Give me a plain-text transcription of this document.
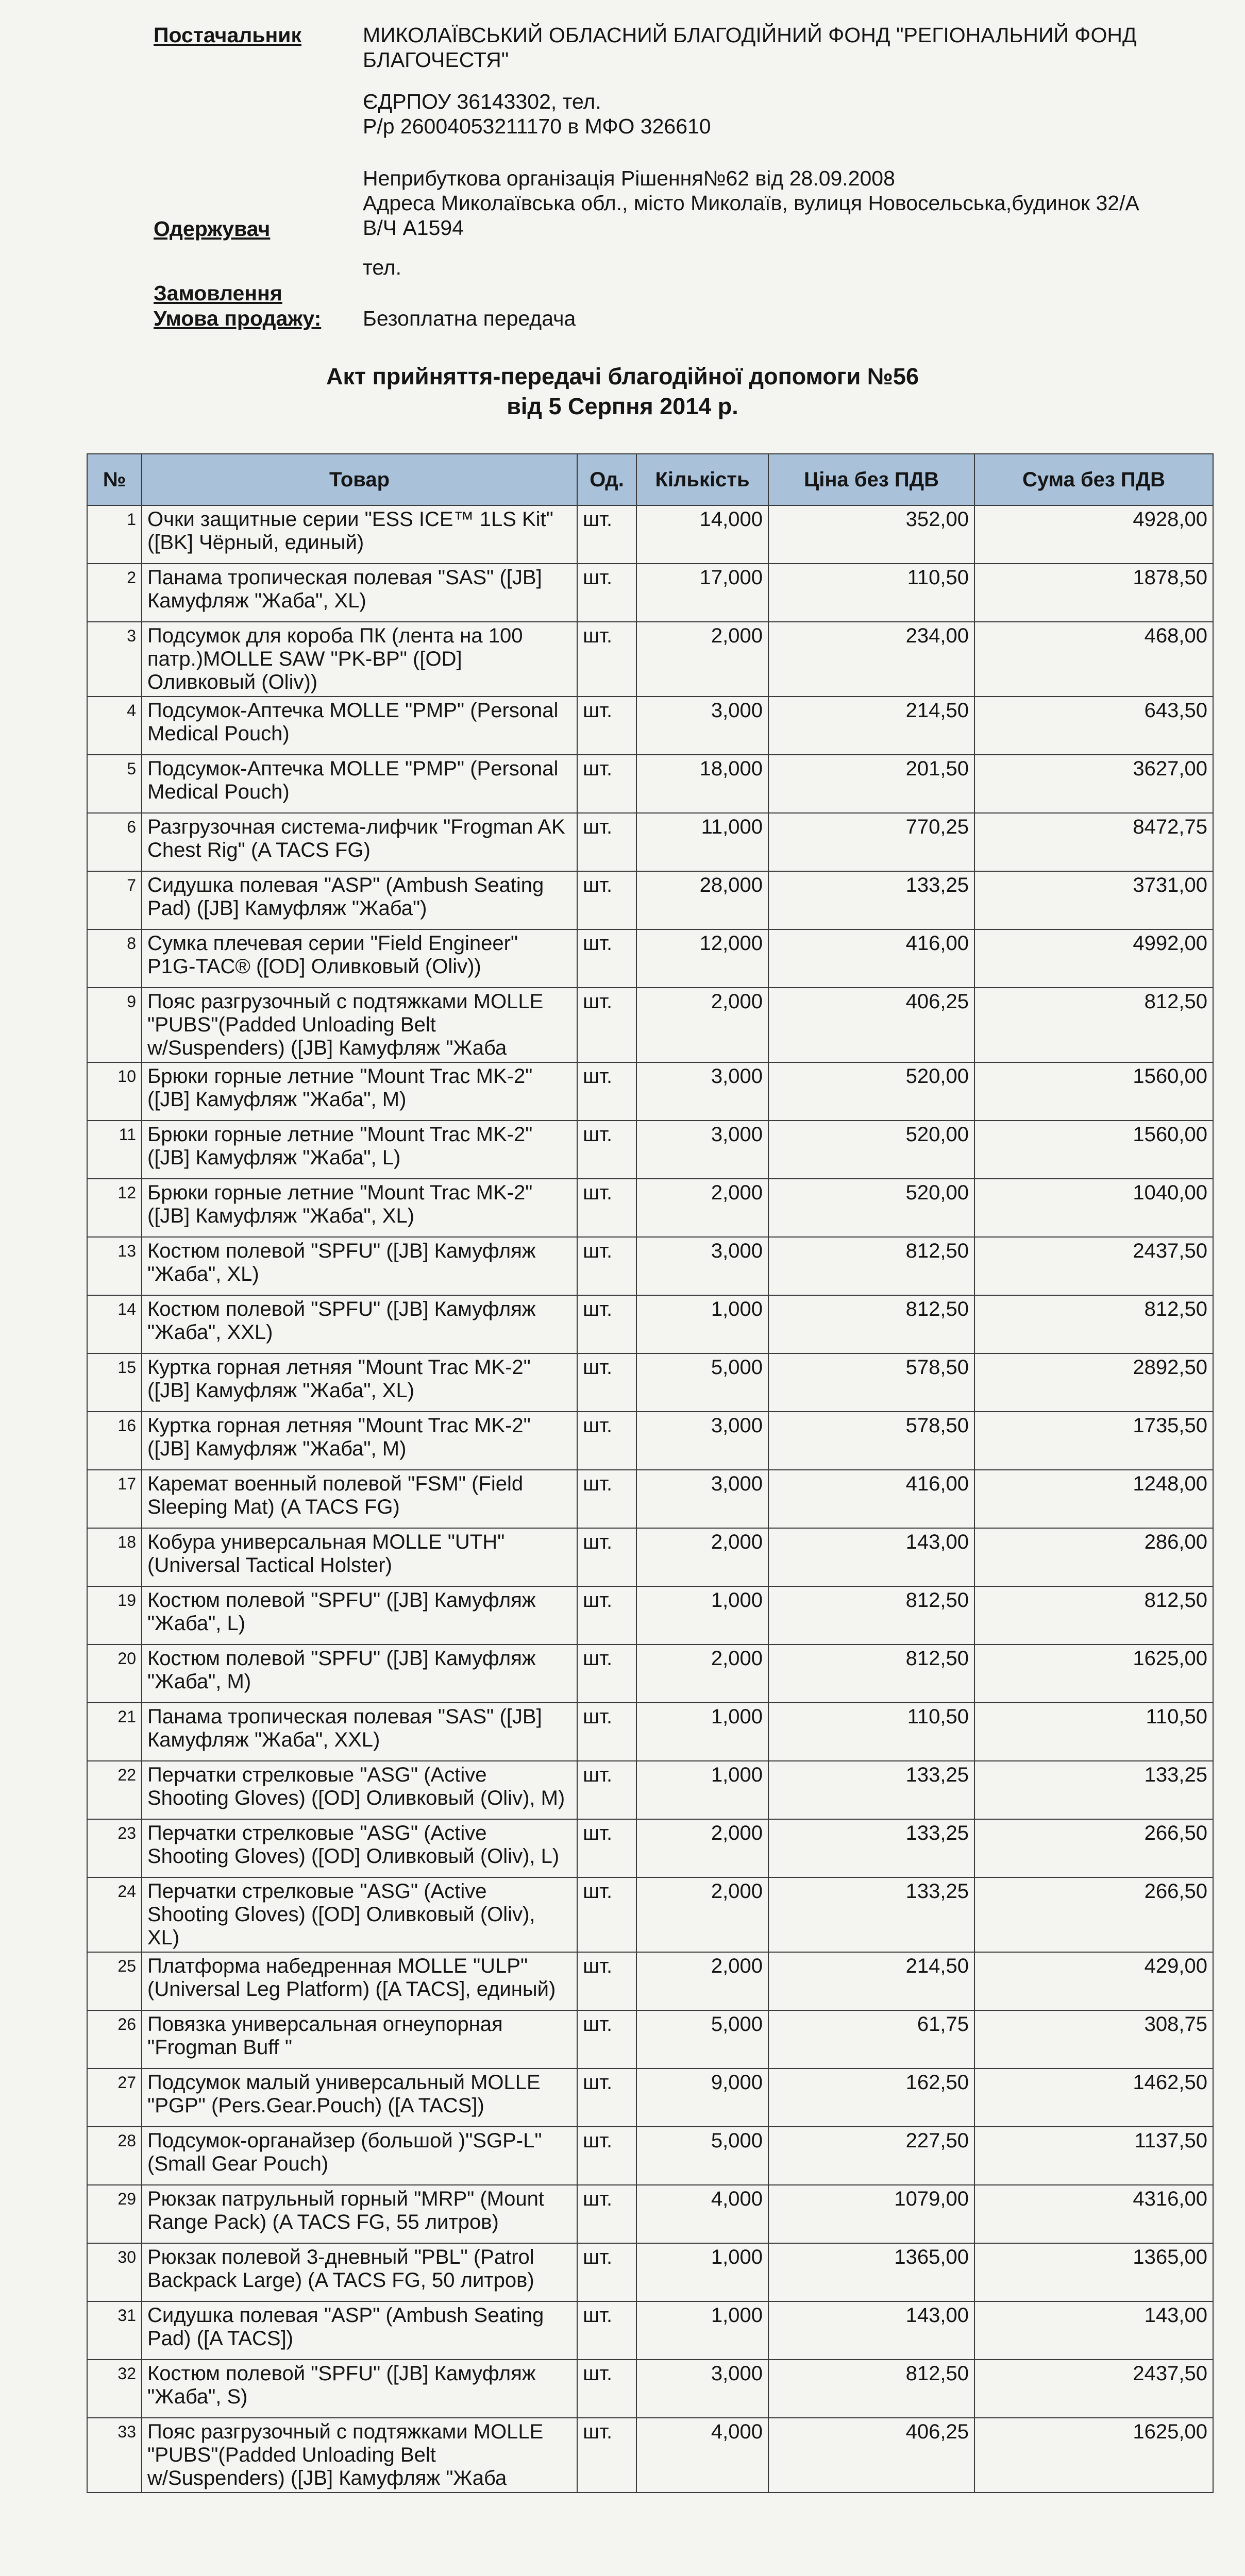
Постачальник	МИКОЛАЇВСЬКИЙ ОБЛАСНИЙ БЛАГОДІЙНИЙ ФОНД "РЕГІОНАЛЬНИЙ ФОНД
БЛАГОЧЕСТЯ"
ЄДРПОУ 36143302, тел.
Р/р 26004053211170 в МФО 326610
Неприбуткова організація Рішення№62 від 28.09.2008
Адреса Миколаївська обл., місто Миколаїв, вулиця Новосельська,будинок 32/А
Одержувач	В/Ч А1594
тел.
Замовлення
Умова продажу: Безоплатна передача
Акт прийняття-передачі благодійної допомоги №56
від 5 Серпня 2014 р.
№	Товар	Од.	Кількість	Ціна без ПДВ	Сума без ПДВ
1	Очки защитные серии "ESS ICE™ 1LS Kit" ([BK] Чёрный, единый)	шт.	14,000	352,00	4928,00
2	Панама тропическая полевая "SAS" ([JB] Камуфляж "Жаба", XL)	шт.	17,000	110,50	1878,50
3	Подсумок для короба ПК (лента на 100 патр.)MOLLE SAW "PK-BP" ([OD] Оливковый (Oliv))	шт.	2,000	234,00	468,00
4	Подсумок-Аптечка MOLLE "PMP" (Personal Medical Pouch)	шт.	3,000	214,50	643,50
5	Подсумок-Аптечка MOLLE "PMP" (Personal Medical Pouch)	шт.	18,000	201,50	3627,00
6	Разгрузочная система-лифчик "Frogman AK Chest Rig" (A TACS FG)	шт.	11,000	770,25	8472,75
7	Сидушка полевая "ASP" (Ambush Seating Pad) ([JB] Камуфляж "Жаба")	шт.	28,000	133,25	3731,00
8	Сумка плечевая серии "Field Engineer" P1G-TAC® ([OD] Оливковый (Oliv))	шт.	12,000	416,00	4992,00
9	Пояс разгрузочный с подтяжками MOLLE "PUBS"(Padded Unloading Belt w/Suspenders) ([JB] Камуфляж "Жаба	шт.	2,000	406,25	812,50
10	Брюки горные летние "Mount Trac MK-2" ([JB] Камуфляж "Жаба", M)	шт.	3,000	520,00	1560,00
11	Брюки горные летние "Mount Trac MK-2" ([JB] Камуфляж "Жаба", L)	шт.	3,000	520,00	1560,00
12	Брюки горные летние "Mount Trac MK-2" ([JB] Камуфляж "Жаба", XL)	шт.	2,000	520,00	1040,00
13	Костюм полевой "SPFU" ([JB] Камуфляж "Жаба", XL)	шт.	3,000	812,50	2437,50
14	Костюм полевой "SPFU" ([JB] Камуфляж "Жаба", XXL)	шт.	1,000	812,50	812,50
15	Куртка горная летняя "Mount Trac MK-2" ([JB] Камуфляж "Жаба", XL)	шт.	5,000	578,50	2892,50
16	Куртка горная летняя "Mount Trac MK-2" ([JB] Камуфляж "Жаба", M)	шт.	3,000	578,50	1735,50
17	Каремат военный полевой "FSM" (Field Sleeping Mat) (A TACS FG)	шт.	3,000	416,00	1248,00
18	Кобура универсальная MOLLE "UTH" (Universal Tactical Holster)	шт.	2,000	143,00	286,00
19	Костюм полевой "SPFU" ([JB] Камуфляж "Жаба", L)	шт.	1,000	812,50	812,50
20	Костюм полевой "SPFU" ([JB] Камуфляж "Жаба", M)	шт.	2,000	812,50	1625,00
21	Панама тропическая полевая "SAS" ([JB] Камуфляж "Жаба", XXL)	шт.	1,000	110,50	110,50
22	Перчатки стрелковые "ASG" (Active Shooting Gloves) ([OD] Оливковый (Oliv), M)	шт.	1,000	133,25	133,25
23	Перчатки стрелковые "ASG" (Active Shooting Gloves) ([OD] Оливковый (Oliv), L)	шт.	2,000	133,25	266,50
24	Перчатки стрелковые "ASG" (Active Shooting Gloves) ([OD] Оливковый (Oliv), XL)	шт.	2,000	133,25	266,50
25	Платформа набедренная MOLLE "ULP" (Universal Leg Platform) ([A TACS], единый)	шт.	2,000	214,50	429,00
26	Повязка универсальная огнеупорная "Frogman Buff "	шт.	5,000	61,75	308,75
27	Подсумок малый универсальный MOLLE "PGP" (Pers.Gear.Pouch) ([A TACS])	шт.	9,000	162,50	1462,50
28	Подсумок-органайзер (большой )"SGP-L" (Small Gear Pouch)	шт.	5,000	227,50	1137,50
29	Рюкзак патрульный горный "MRP" (Mount Range Pack) (A TACS FG, 55 литров)	шт.	4,000	1079,00	4316,00
30	Рюкзак полевой 3-дневный "PBL" (Patrol Backpack Large) (A TACS FG, 50 литров)	шт.	1,000	1365,00	1365,00
31	Сидушка полевая "ASP" (Ambush Seating Pad) ([A TACS])	шт.	1,000	143,00	143,00
32	Костюм полевой "SPFU" ([JB] Камуфляж "Жаба", S)	шт.	3,000	812,50	2437,50
33	Пояс разгрузочный с подтяжками MOLLE "PUBS"(Padded Unloading Belt w/Suspenders) ([JB] Камуфляж "Жаба	шт.	4,000	406,25	1625,00
